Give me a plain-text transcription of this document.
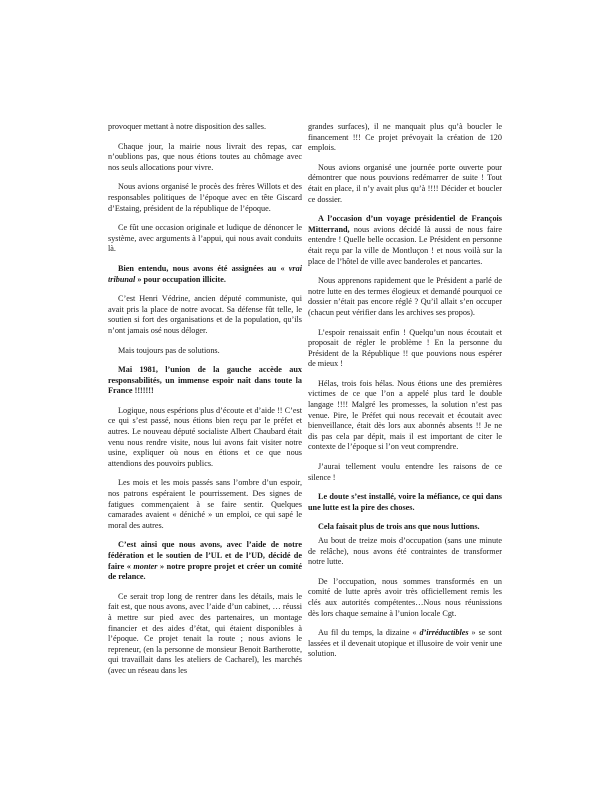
provoquer mettant à notre disposition des salles.

Chaque jour, la mairie nous livrait des repas, car n’oublions pas, que nous étions toutes au chômage avec nos seuls allocations pour vivre.

Nous avions organisé le procès des frères Willots et des responsables politiques de l’époque avec en tête Giscard d’Estaing, président de la république de l’époque.

Ce fût une occasion originale et ludique de dénoncer le système, avec arguments à l’appui, qui nous avait conduits là.

Bien entendu, nous avons été assignées au « vrai tribunal » pour occupation illicite.

C’est Henri Védrine, ancien député communiste, qui avait pris la place de notre avocat. Sa défense fût telle, le soutien si fort des organisations et de la population, qu’ils n’ont jamais osé nous déloger.

Mais toujours pas de solutions.

Mai 1981, l’union de la gauche accède aux responsabilités, un immense espoir naît dans toute la France !!!!!!!

Logique, nous espérions plus d’écoute et d’aide !! C’est ce qui s’est passé, nous étions bien reçu par le préfet et autres. Le nouveau député socialiste Albert Chaubard était venu nous rendre visite, nous lui avons fait visiter notre usine, expliquer où nous en étions et ce que nous attendions des pouvoirs publics.

Les mois et les mois passés sans l’ombre d’un espoir, nos patrons espéraient le pourrissement. Des signes de fatigues commençaient à se faire sentir. Quelques camarades avaient « déniché » un emploi, ce qui sapé le moral des autres.

C’est ainsi que nous avons, avec l’aide de notre fédération et le soutien de l’UL et de l’UD, décidé de faire « monter » notre propre projet et créer un comité de relance.

Ce serait trop long de rentrer dans les détails, mais le fait est, que nous avons, avec l’aide d’un cabinet, … réussi à mettre sur pied avec des partenaires, un montage financier et des aides d’état, qui étaient disponibles à l’époque. Ce projet tenait la route ; nous avions le repreneur, (en la personne de monsieur Benoit Bartherotte, qui travaillait dans les ateliers de Cacharel), les marchés (avec un réseau dans les

grandes surfaces), il ne manquait plus qu’à boucler le financement !!! Ce projet prévoyait la création de 120 emplois.

Nous avions organisé une journée porte ouverte pour démontrer que nous pouvions redémarrer de suite ! Tout était en place, il n’y avait plus qu’à !!!! Décider et boucler ce dossier.

A l’occasion d’un voyage présidentiel de François Mitterrand, nous avions décidé là aussi de nous faire entendre ! Quelle belle occasion. Le Président en personne était reçu par la ville de Montluçon ! et nous voilà sur la place de l’hôtel de ville avec banderoles et pancartes.

Nous apprenons rapidement que le Président a parlé de notre lutte en des termes élogieux et demandé pourquoi ce dossier n’était pas encore réglé ? Qu’il allait s’en occuper (chacun peut vérifier dans les archives ses propos).

L’espoir renaissait enfin ! Quelqu’un nous écoutait et proposait de régler le problème ! En la personne du Président de la République !! que pouvions nous espérer de mieux !

Hélas, trois fois hélas. Nous étions une des premières victimes de ce que l’on a appelé plus tard le double langage !!!! Malgré les promesses, la solution n’est pas venue. Pire, le Préfet qui nous recevait et écoutait avec bienveillance, était dès lors aux abonnés absents !! Je ne dis pas cela par dépit, mais il est important de citer le contexte de l’époque si l’on veut comprendre.

J’aurai tellement voulu entendre les raisons de ce silence !

Le doute s’est installé, voire la méfiance, ce qui dans une lutte est la pire des choses.

Cela faisait plus de trois ans que nous luttions.

Au bout de treize mois d’occupation (sans une minute de relâche), nous avons été contraintes de transformer notre lutte.

De l’occupation, nous sommes transformés en un comité de lutte après avoir très officiellement remis les clés aux autorités compétentes…Nous nous réunissions dès lors chaque semaine à l’union locale Cgt.

Au fil du temps, la dizaine « d’irréductibles » se sont lassées et il devenait utopique et illusoire de voir venir une solution.
